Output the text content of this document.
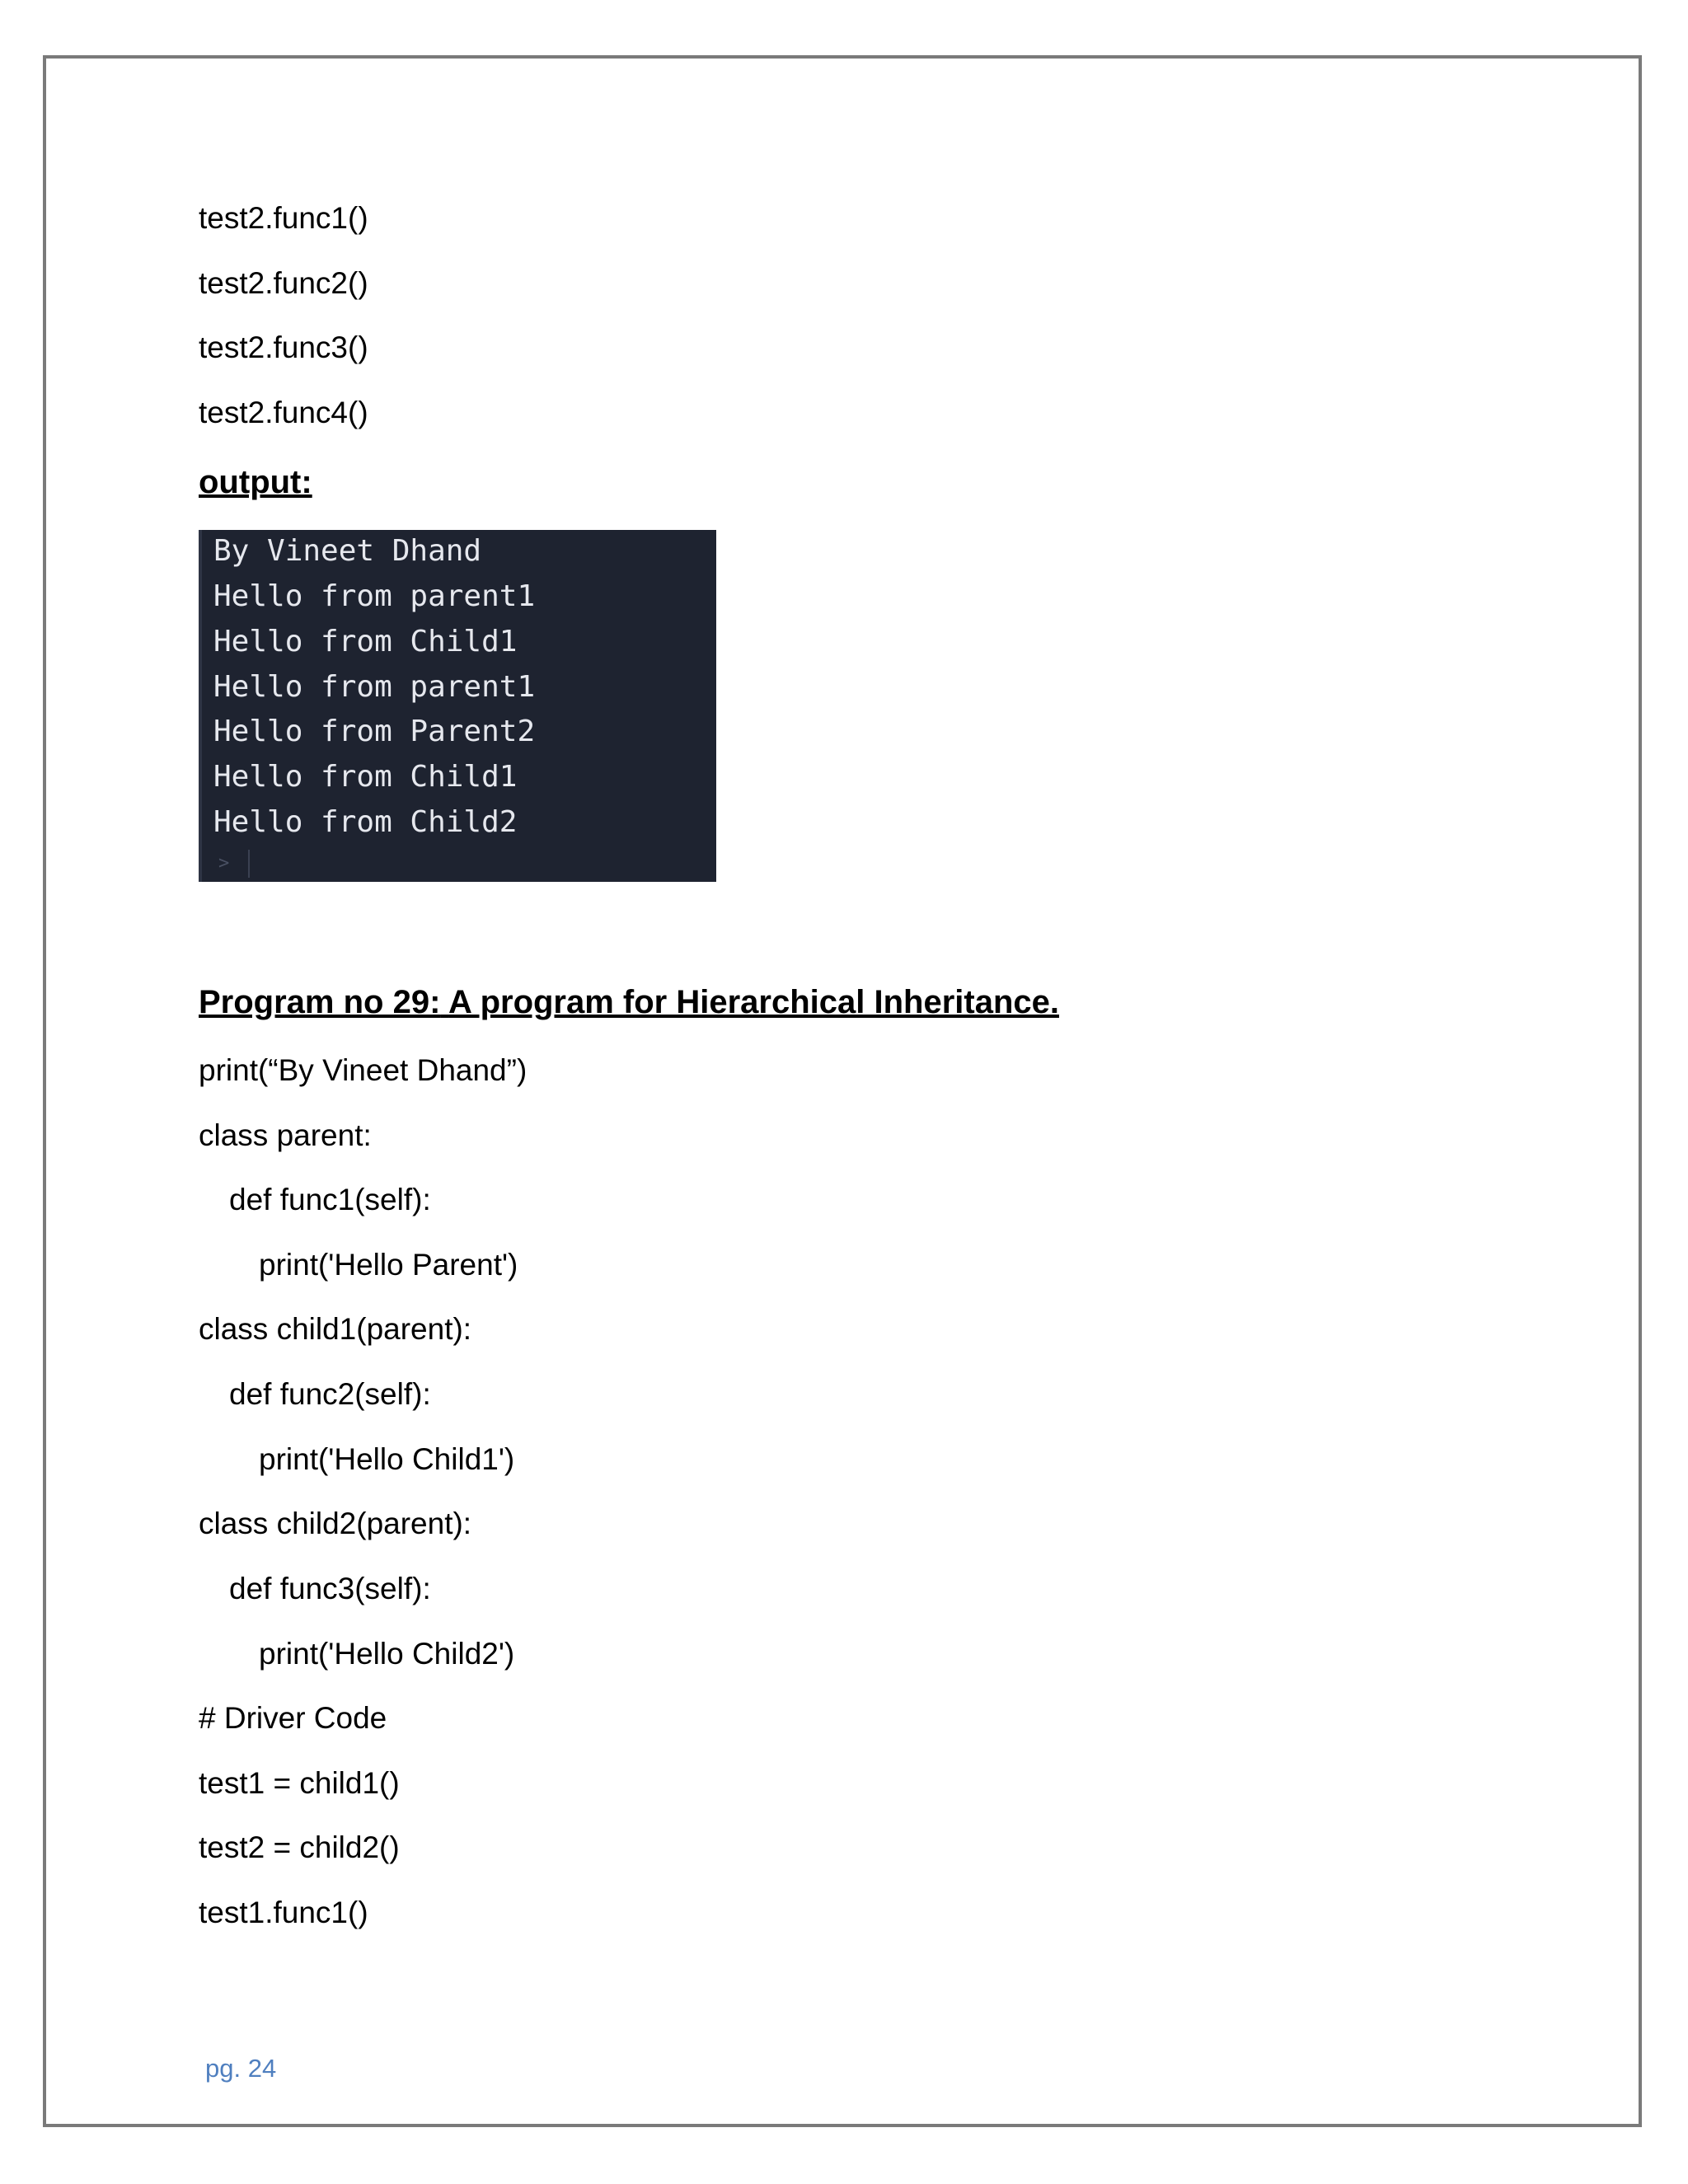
test2.func1()
test2.func2()
test2.func3()
test2.func4()
output:
Program no 29: A program for Hierarchical Inheritance.
print(“By Vineet Dhand”)
class parent:
def func1(self):
print('Hello Parent')
class child1(parent):
def func2(self):
print('Hello Child1')
class child2(parent):
def func3(self):
print('Hello Child2')
# Driver Code
test1 = child1()
test2 = child2()
test1.func1()
By Vineet Dhand
Hello from parent1
Hello from Child1
Hello from parent1
Hello from Parent2
Hello from Child1
Hello from Child2
>
pg. 24
